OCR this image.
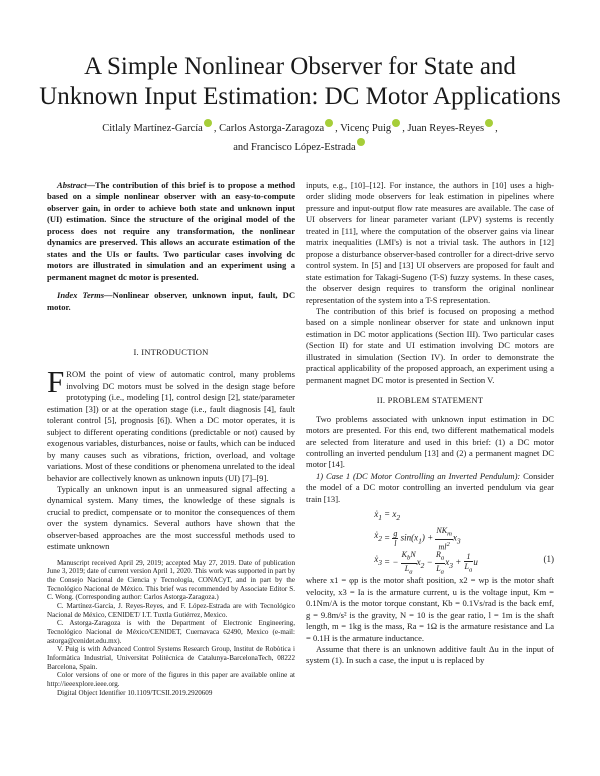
A Simple Nonlinear Observer for State and
Unknown Input Estimation: DC Motor Applications
Citlaly Martínez-García , Carlos Astorga-Zaragoza , Vicenç Puig , Juan Reyes-Reyes ,
and Francisco López-Estrada

Abstract—The contribution of this brief is to propose a method based on a simple nonlinear observer with an easy-to-compute observer gain, in order to achieve both state and unknown input (UI) estimation. Since the structure of the original model of the process does not require any transformation, the nonlinear dynamics are preserved. This allows an accurate estimation of the states and the UIs or faults. Two particular cases involving dc motors are illustrated in simulation and an experiment using a permanent magnet dc motor is presented.

Index Terms—Nonlinear observer, unknown input, fault, DC motor.

I. INTRODUCTION

FROM the point of view of automatic control, many problems involving DC motors must be solved in the design stage before prototyping (i.e., modeling [1], control design [2], state/parameter estimation [3]) or at the operation stage (i.e., fault diagnosis [4], fault tolerant control [5], prognosis [6]). When a DC motor operates, it is subject to different operating conditions (predictable or not) caused by exogenous variables, disturbances, noise or faults, which can be induced by many causes such as vibrations, friction, overload, and voltage variations. Most of these conditions or phenomena unrelated to the ideal behavior are collectively known as unknown inputs (UI) [7]–[9].

Typically an unknown input is an unmeasured signal affecting a dynamical system. Many times, the knowledge of these signals is crucial to predict, compensate or to monitor the consequences of them over the system dynamics. Several authors have shown that the observer-based approaches are the most successful methods used to estimate unknown

Manuscript received April 29, 2019; accepted May 27, 2019. Date of publication June 3, 2019; date of current version April 1, 2020. This work was supported in part by the Consejo Nacional de Ciencia y Tecnología, CONACyT, and in part by the Tecnológico Nacional de México. This brief was recommended by Associate Editor S. C. Wong. (Corresponding author: Carlos Astorga-Zaragoza.)

C. Martínez-García, J. Reyes-Reyes, and F. López-Estrada are with Tecnológico Nacional de México, CENIDET/ I.T. Tuxtla Gutiérrez, Mexico.

C. Astorga-Zaragoza is with the Department of Electronic Engineering, Tecnológico Nacional de México/CENIDET, Cuernavaca 62490, Mexico (e-mail: astorga@cenidet.edu.mx).

V. Puig is with Advanced Control Systems Research Group, Institut de Robòtica i Informàtica Industrial, Universitat Politècnica de Catalunya-BarcelonaTech, 08222 Barcelona, Spain.

Color versions of one or more of the figures in this paper are available online at http://ieeexplore.ieee.org.

Digital Object Identifier 10.1109/TCSII.2019.2920609

inputs, e.g., [10]–[12]. For instance, the authors in [10] uses a high-order sliding mode observers for leak estimation in pipelines where pressure and input-output flow rate measures are available. The case of UI observers for linear parameter variant (LPV) systems is recently treated in [11], where the computation of the observer gains via linear matrix inequalities (LMI's) is not a trivial task. The authors in [12] propose a disturbance observer-based controller for a direct-drive servo control system. In [5] and [13] UI observers are proposed for fault and state estimation for Takagi-Sugeno (T-S) fuzzy systems. In these cases, the observer design requires to transform the original nonlinear representation of the system into a T-S representation.

The contribution of this brief is focused on proposing a method based on a simple nonlinear observer for state and unknown input estimation in DC motor applications (Section III). Two particular cases (Section II) for state and UI estimation involving DC motors are illustrated in simulation (Section IV). In order to demonstrate the practical applicability of the proposed approach, an experiment using a permanent magnet DC motor is presented in Section V.

II. PROBLEM STATEMENT

Two problems associated with unknown input estimation in DC motors are presented. For this end, two different mathematical models are selected from literature and used in this brief: (1) a DC motor controlling an inverted pendulum [13] and (2) a permanent magnet DC motor [14].

1) Case 1 (DC Motor Controlling an Inverted Pendulum): Consider the model of a DC motor controlling an inverted pendulum via gear train [13].

ẋ$_1$ = $x_2$
ẋ$_2$ = $\frac{g}{l} \sin(x_1) + \frac{NK_m}{ml^2} x_3$
ẋ$_3$ = − $\frac{K_bN}{L_a} x_2 - \frac{R_a}{L_a} x_3 + \frac{1}{L_a}$ u	(1)

where x1 = φp is the motor shaft position, x2 = wp is the motor shaft velocity, x3 = Ia is the armature current, u is the voltage input, Km = 0.1Nm/A is the motor torque constant, Kb = 0.1Vs/rad is the back emf, g = 9.8m/s² is the gravity, N = 10 is the gear ratio, l = 1m is the shaft length, m = 1kg is the mass, Ra = 1Ω is the armature resistance and La = 0.1H is the armature inductance.

Assume that there is an unknown additive fault Δu in the input of system (1). In such a case, the input u is replaced by
